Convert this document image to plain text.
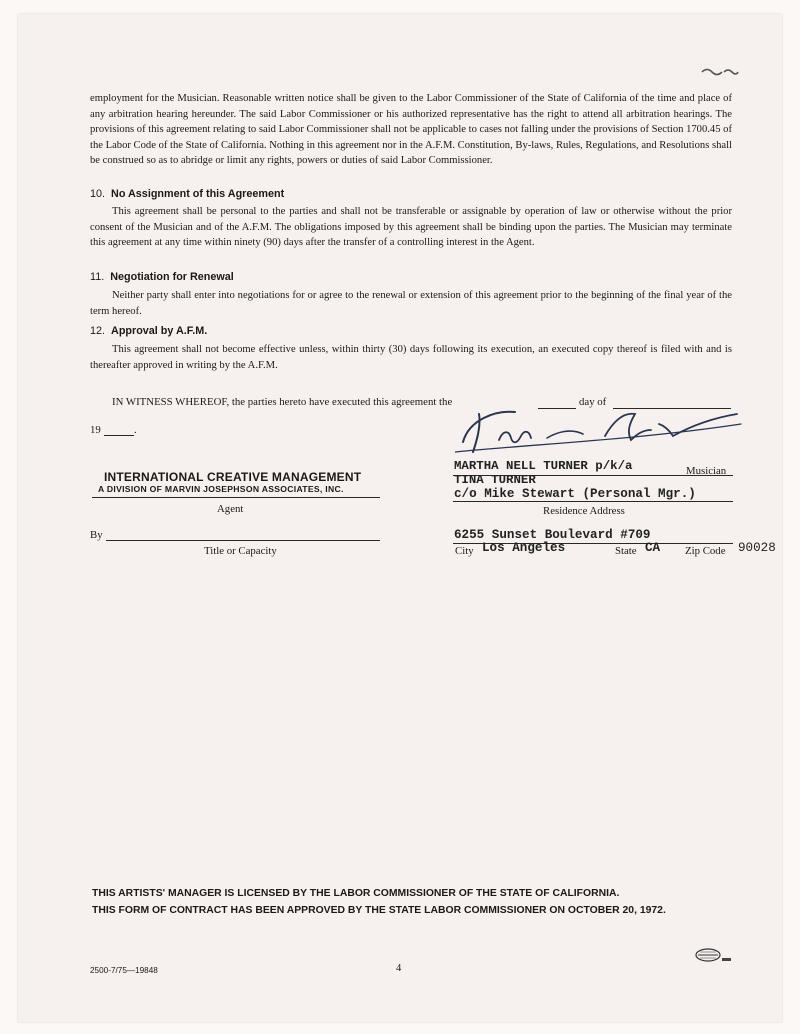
employment for the Musician. Reasonable written notice shall be given to the Labor Commissioner of the State of California of the time and place of any arbitration hearing hereunder. The said Labor Commissioner or his authorized representative has the right to attend all arbitration hearings. The provisions of this agreement relating to said Labor Commissioner shall not be applicable to cases not falling under the provisions of Section 1700.45 of the Labor Code of the State of California. Nothing in this agreement nor in the A.F.M. Constitution, By-laws, Rules, Regulations, and Resolutions shall be construed so as to abridge or limit any rights, powers or duties of said Labor Commissioner.
10. No Assignment of this Agreement
This agreement shall be personal to the parties and shall not be transferable or assignable by operation of law or otherwise without the prior consent of the Musician and of the A.F.M. The obligations imposed by this agreement shall be binding upon the parties. The Musician may terminate this agreement at any time within ninety (90) days after the transfer of a controlling interest in the Agent.
11. Negotiation for Renewal
Neither party shall enter into negotiations for or agree to the renewal or extension of this agreement prior to the beginning of the final year of the term hereof.
12. Approval by A.F.M.
This agreement shall not become effective unless, within thirty (30) days following its execution, an executed copy thereof is filed with and is thereafter approved in writing by the A.F.M.
IN WITNESS WHEREOF, the parties hereto have executed this agreement the	day of
19	.
INTERNATIONAL CREATIVE MANAGEMENT
A DIVISION OF MARVIN JOSEPHSON ASSOCIATES, INC.
Agent
By
Title or Capacity
MARTHA NELL TURNER p/k/a	Musician
TINA TURNER
c/o Mike Stewart (Personal Mgr.)
Residence Address
6255 Sunset Boulevard #709
City Los Angeles	State CA Zip Code 90028
THIS ARTISTS' MANAGER IS LICENSED BY THE LABOR COMMISSIONER OF THE STATE OF CALIFORNIA.
THIS FORM OF CONTRACT HAS BEEN APPROVED BY THE STATE LABOR COMMISSIONER ON OCTOBER 20, 1972.
2500-7/75—19848	4
